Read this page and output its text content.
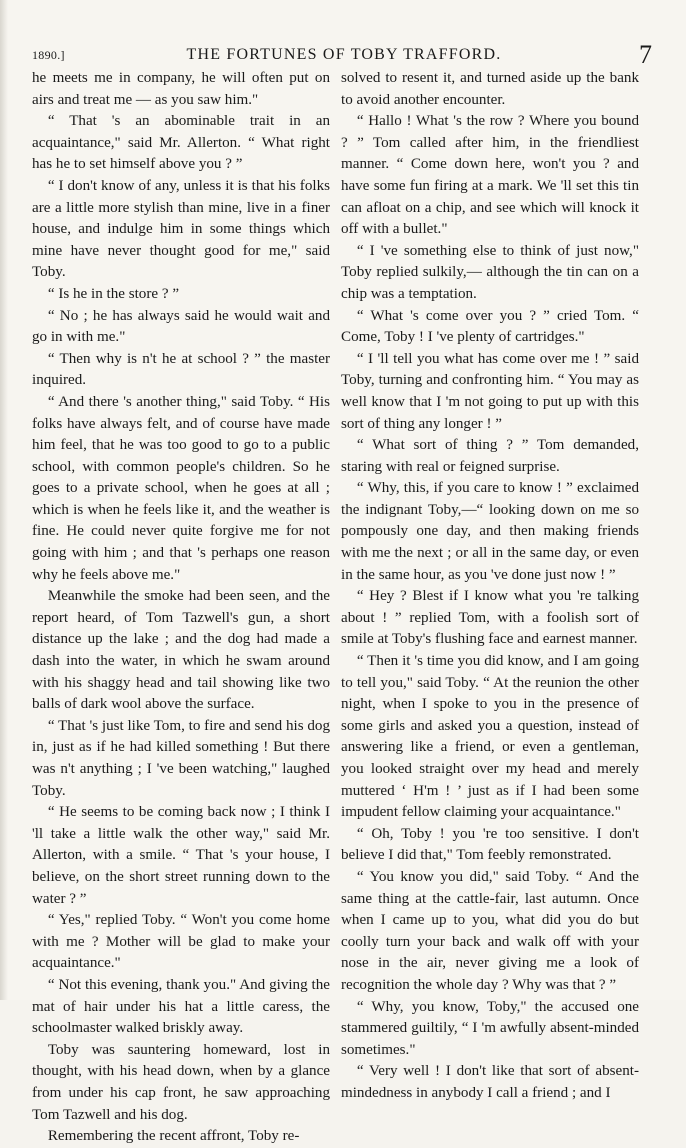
1890.]	THE FORTUNES OF TOBY TRAFFORD.	7

he meets me in company, he will often put on airs and treat me — as you saw him."

“ That 's an abominable trait in an acquaintance," said Mr. Allerton. “ What right has he to set himself above you ? ”

“ I don't know of any, unless it is that his folks are a little more stylish than mine, live in a finer house, and indulge him in some things which mine have never thought good for me," said Toby.

“ Is he in the store ? ”

“ No ; he has always said he would wait and go in with me."

“ Then why is n't he at school ? ” the master inquired.

“ And there 's another thing," said Toby. “ His folks have always felt, and of course have made him feel, that he was too good to go to a public school, with common people's children. So he goes to a private school, when he goes at all ; which is when he feels like it, and the weather is fine. He could never quite forgive me for not going with him ; and that 's perhaps one reason why he feels above me."

Meanwhile the smoke had been seen, and the report heard, of Tom Tazwell's gun, a short distance up the lake ; and the dog had made a dash into the water, in which he swam around with his shaggy head and tail showing like two balls of dark wool above the surface.

“ That 's just like Tom, to fire and send his dog in, just as if he had killed something ! But there was n't anything ; I 've been watching," laughed Toby.

“ He seems to be coming back now ; I think I 'll take a little walk the other way," said Mr. Allerton, with a smile. “ That 's your house, I believe, on the short street running down to the water ? ”

“ Yes," replied Toby. “ Won't you come home with me ? Mother will be glad to make your acquaintance."

“ Not this evening, thank you." And giving the mat of hair under his hat a little caress, the schoolmaster walked briskly away.

Toby was sauntering homeward, lost in thought, with his head down, when by a glance from under his cap front, he saw approaching Tom Tazwell and his dog.

Remembering the recent affront, Toby re-

solved to resent it, and turned aside up the bank to avoid another encounter.

“ Hallo ! What 's the row ? Where you bound ? ” Tom called after him, in the friendliest manner. “ Come down here, won't you ? and have some fun firing at a mark. We 'll set this tin can afloat on a chip, and see which will knock it off with a bullet."

“ I 've something else to think of just now," Toby replied sulkily,— although the tin can on a chip was a temptation.

“ What 's come over you ? ” cried Tom. “ Come, Toby ! I 've plenty of cartridges."

“ I 'll tell you what has come over me ! ” said Toby, turning and confronting him. “ You may as well know that I 'm not going to put up with this sort of thing any longer ! ”

“ What sort of thing ? ” Tom demanded, staring with real or feigned surprise.

“ Why, this, if you care to know ! ” exclaimed the indignant Toby,—“ looking down on me so pompously one day, and then making friends with me the next ; or all in the same day, or even in the same hour, as you 've done just now ! ”

“ Hey ? Blest if I know what you 're talking about ! ” replied Tom, with a foolish sort of smile at Toby's flushing face and earnest manner.

“ Then it 's time you did know, and I am going to tell you," said Toby. “ At the reunion the other night, when I spoke to you in the presence of some girls and asked you a question, instead of answering like a friend, or even a gentleman, you looked straight over my head and merely muttered ‘ H'm ! ’ just as if I had been some impudent fellow claiming your acquaintance."

“ Oh, Toby ! you 're too sensitive. I don't believe I did that," Tom feebly remonstrated.

“ You know you did," said Toby. “ And the same thing at the cattle-fair, last autumn. Once when I came up to you, what did you do but coolly turn your back and walk off with your nose in the air, never giving me a look of recognition the whole day ? Why was that ? ”

“ Why, you know, Toby," the accused one stammered guiltily, “ I 'm awfully absent-minded sometimes."

“ Very well ! I don't like that sort of absent-mindedness in anybody I call a friend ; and I
